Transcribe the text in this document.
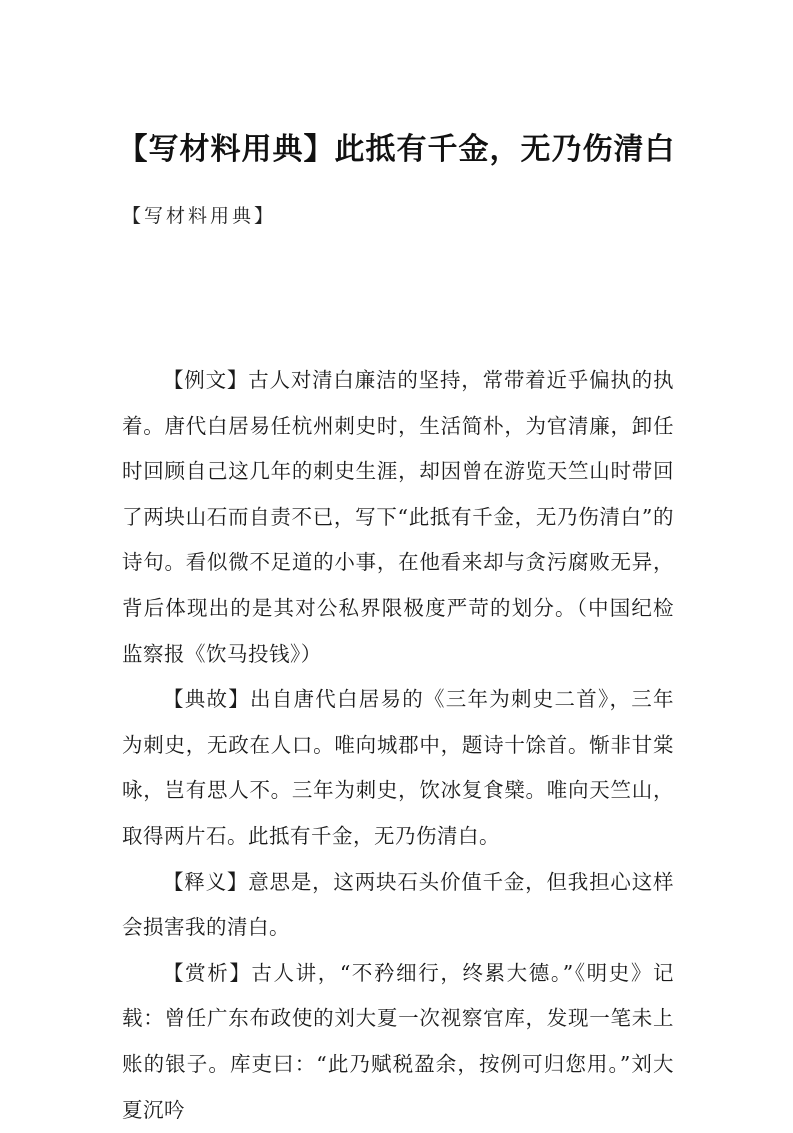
【写材料用典】此抵有千金，无乃伤清白
【写材料用典】

【例文】古人对清白廉洁的坚持，常带着近乎偏执的执着。唐代白居易任杭州刺史时，生活简朴，为官清廉，卸任时回顾自己这几年的刺史生涯，却因曾在游览天竺山时带回了两块山石而自责不已，写下“此抵有千金，无乃伤清白”的诗句。看似微不足道的小事，在他看来却与贪污腐败无异，背后体现出的是其对公私界限极度严苛的划分。（中国纪检监察报《饮马投钱》）

【典故】出自唐代白居易的《三年为刺史二首》，三年为刺史，无政在人口。唯向城郡中，题诗十馀首。惭非甘棠咏，岂有思人不。三年为刺史，饮冰复食檗。唯向天竺山，取得两片石。此抵有千金，无乃伤清白。

【释义】意思是，这两块石头价值千金，但我担心这样会损害我的清白。

【赏析】古人讲，“不矜细行，终累大德。”《明史》记载：曾任广东布政使的刘大夏一次视察官库，发现一笔未上账的银子。库吏曰：“此乃赋税盈余，按例可归您用。”刘大夏沉吟
